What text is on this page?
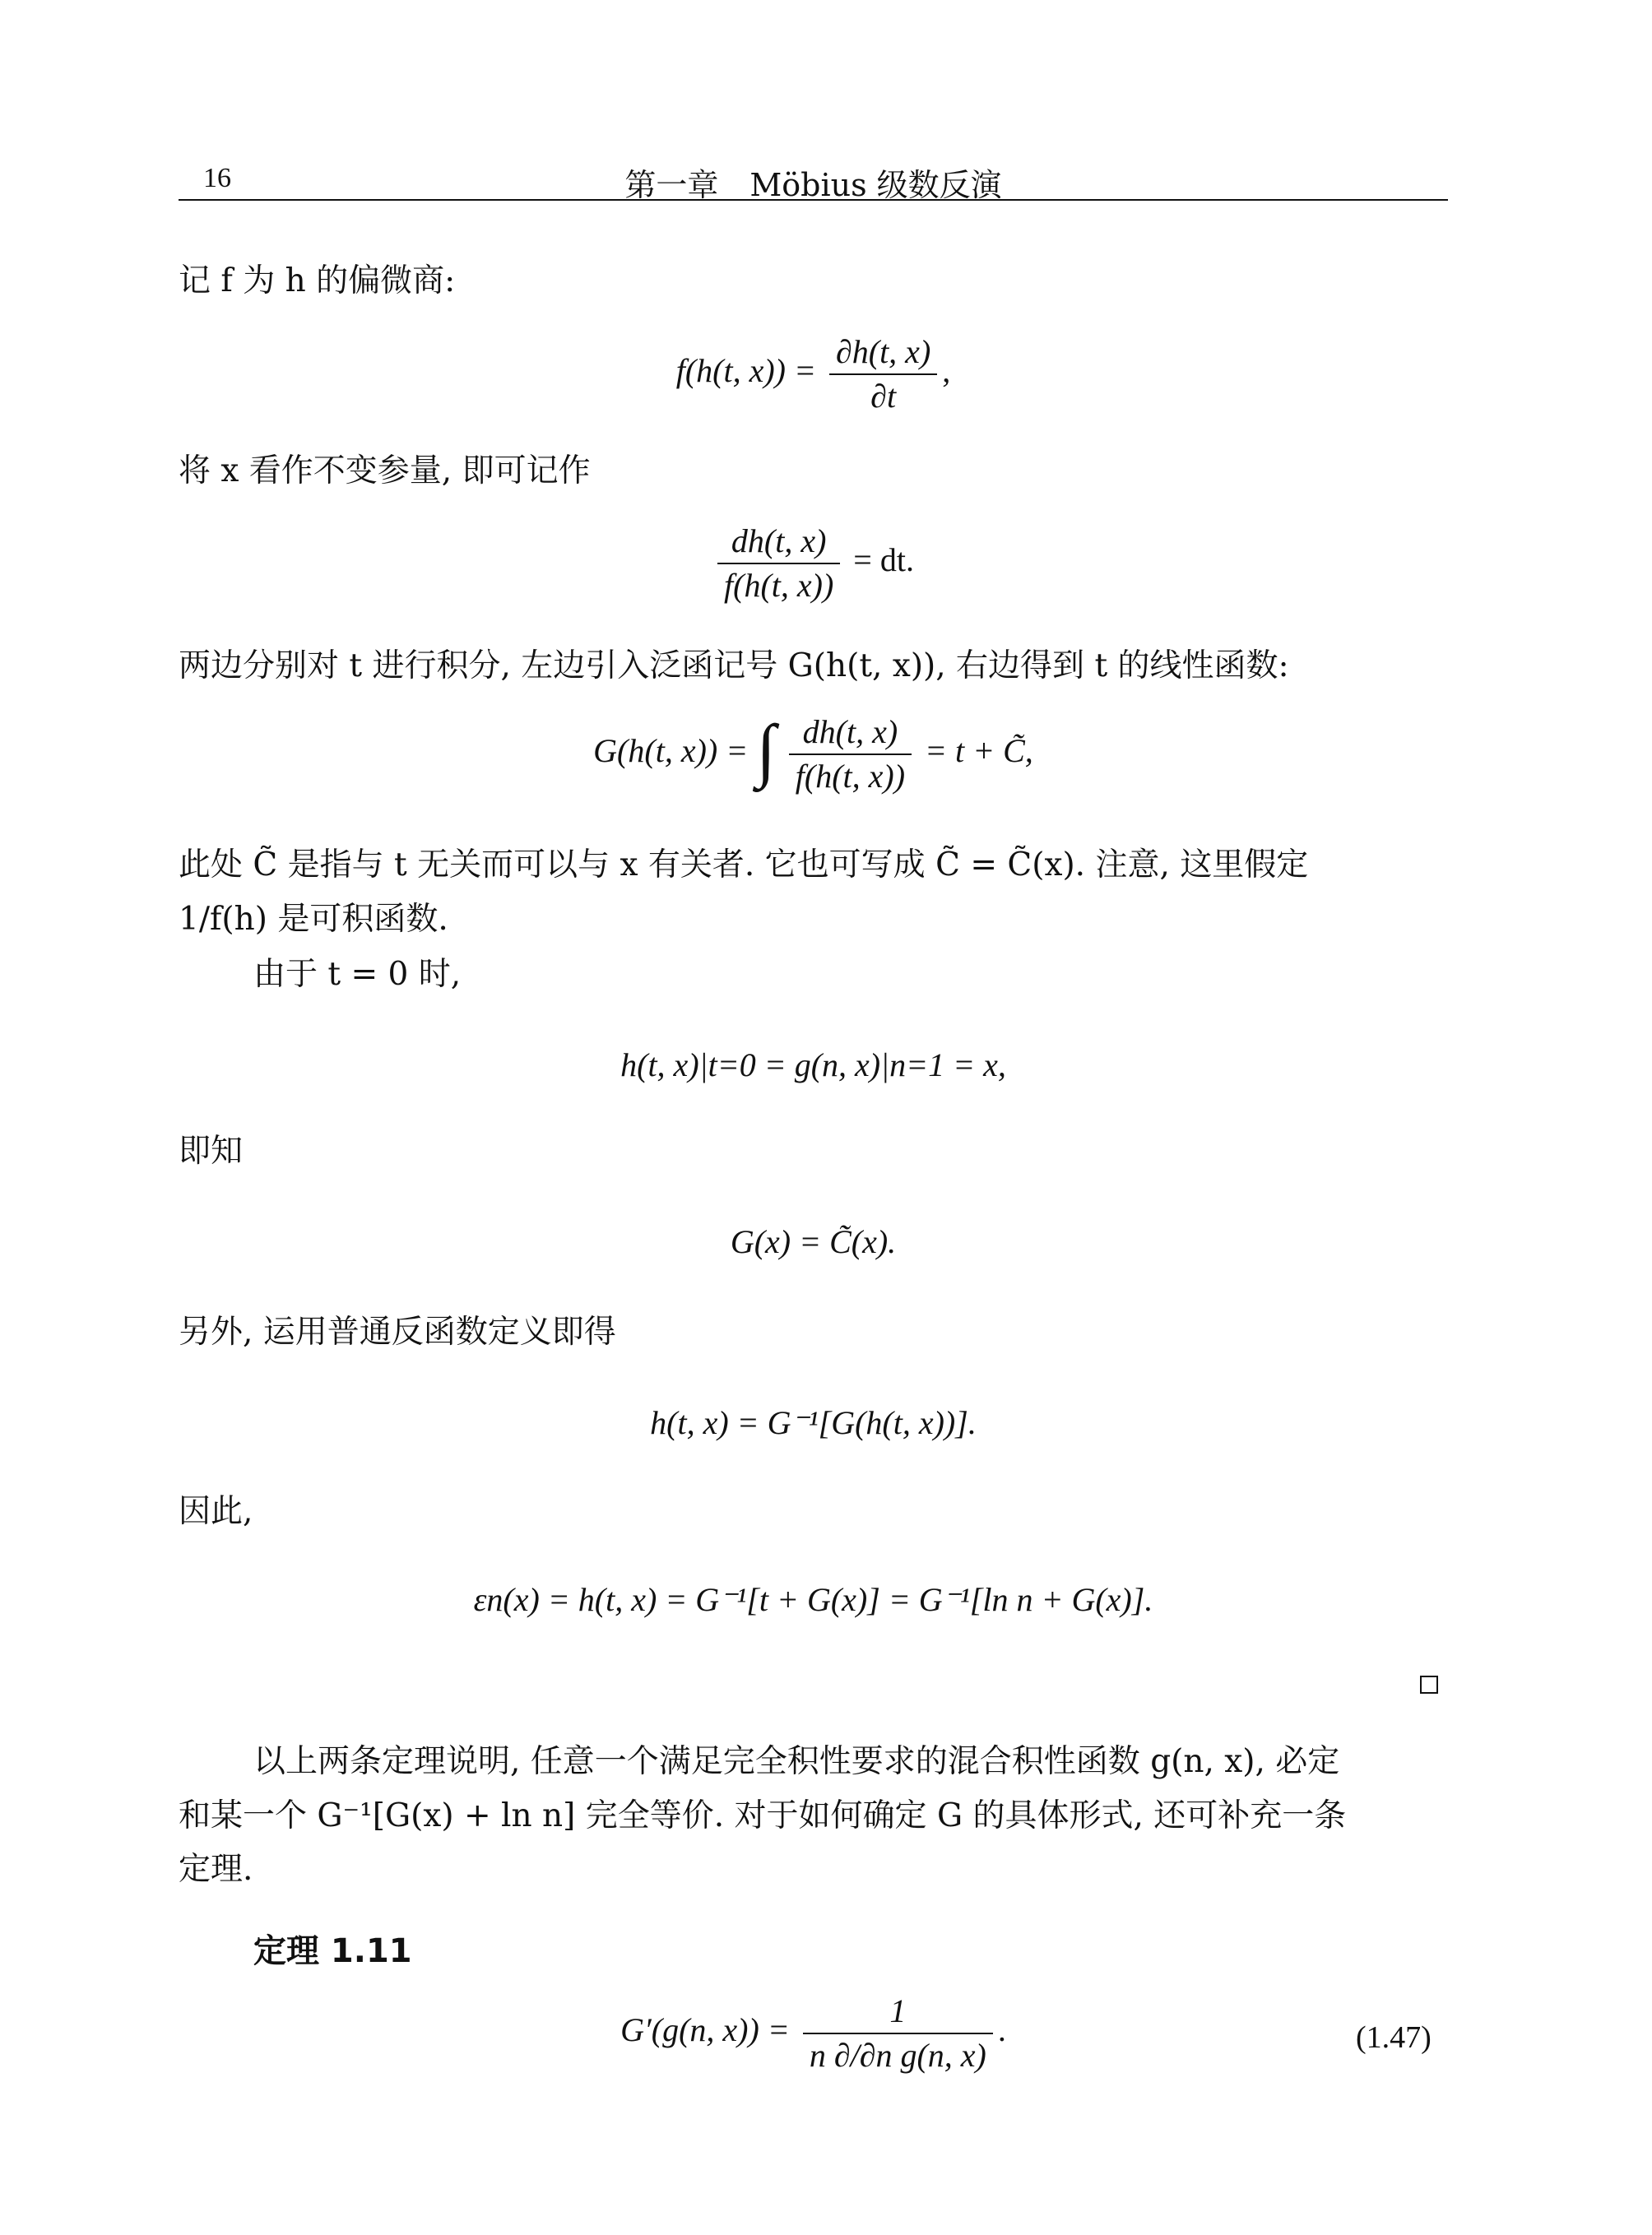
16	第一章　Möbius 级数反演
记 f 为 h 的偏微商:
f(h(t, $x)) = \frac{\partial h(t, x)}{\partial t}$ ,
将 x 看作不变参量, 即可记作
$\frac{dh(t, x)}{f(h(t, x))}$ = dt.
两边分别对 t 进行积分, 左边引入泛函记号 G(h(t, x)), 右边得到 t 的线性函数:
G(h(t, x)) = ∫ $\frac{dh(t, x)}{f(h(t, x))} = t$ + C̃,
此处 C̃ 是指与 t 无关而可以与 x 有关者. 它也可写成 C̃ = C̃(x). 注意, 这里假定
1/f(h) 是可积函数.
由于 t = 0 时,
h(t, x)|t=0 = g(n, x)|n=1 = x,
即知
G(x) = C̃(x).
另外, 运用普通反函数定义即得
h(t, x) = G⁻¹[G(h(t, x))].
因此,
εn(x) = h(t, x) = G⁻¹[t + G(x)] = G⁻¹[ln n + G(x)].
以上两条定理说明, 任意一个满足完全积性要求的混合积性函数 g(n, x), 必定
和某一个 G⁻¹[G(x) + ln n] 完全等价. 对于如何确定 G 的具体形式, 还可补充一条
定理.
定理 1.11
G′(g(n, $x)) = \frac{1}{\text{n ∂/∂n g(n, x)}}$ .	(1.47)
